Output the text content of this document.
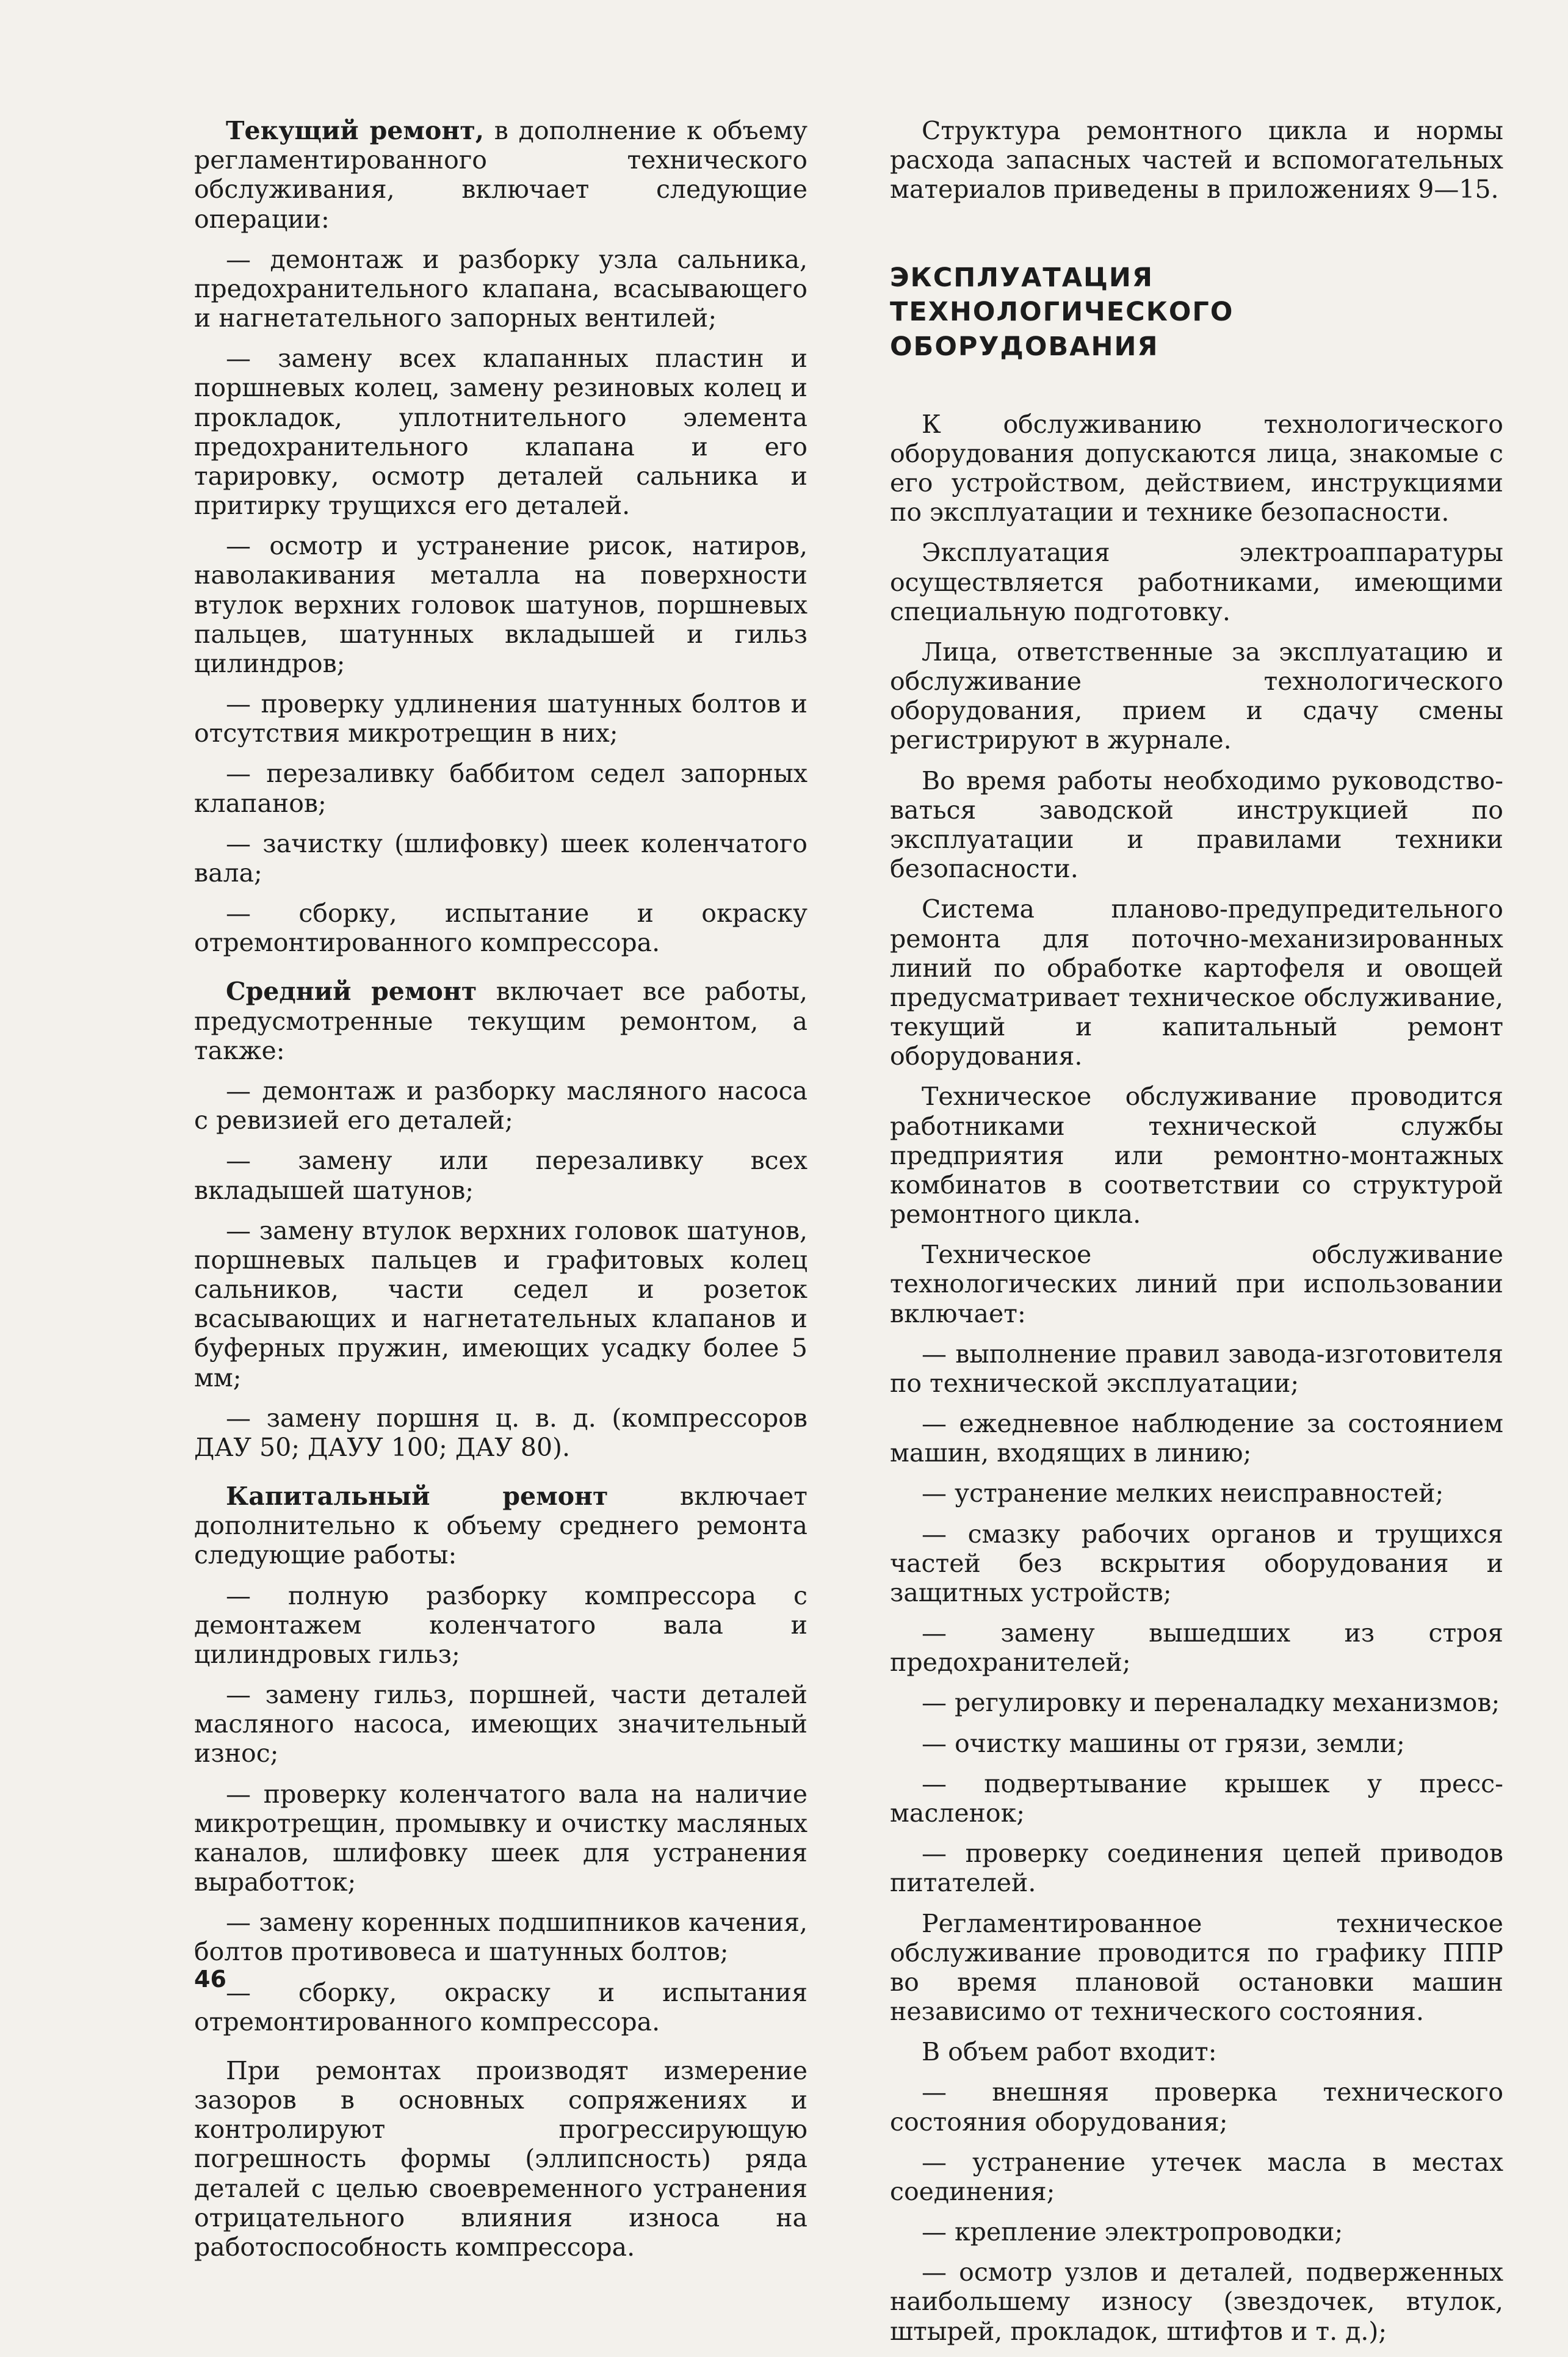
Текущий ремонт, в дополнение к объему регламентированного технического обслуживания, включает следующие операции:

— демонтаж и разборку узла сальника, предохранительного клапана, всасывающего и нагнетательного запорных вентилей;

— замену всех клапанных пластин и поршневых колец, замену резиновых колец и прокладок, уплотнительного элемента предохранительного клапана и его тарировку, осмотр деталей сальника и притирку трущихся его деталей.

— осмотр и устранение рисок, натиров, наволакивания металла на поверхности втулок верхних головок шатунов, поршневых пальцев, шатунных вкладышей и гильз цилиндров;

— проверку удлинения шатунных болтов и отсутствия микротрещин в них;

— перезаливку баббитом седел запорных клапанов;

— зачистку (шлифовку) шеек коленчатого вала;

— сборку, испытание и окраску отремонтированного компрессора.

Средний ремонт включает все работы, предусмотренные текущим ремонтом, а также:

— демонтаж и разборку масляного насоса с ревизией его деталей;

— замену или перезаливку всех вкладышей шатунов;

— замену втулок верхних головок шатунов, поршневых пальцев и графитовых колец сальников, части седел и розеток всасывающих и нагнетательных клапанов и буферных пружин, имеющих усадку более 5 мм;

— замену поршня ц. в. д. (компрессоров ДАУ 50; ДАУУ 100; ДАУ 80).

Капитальный ремонт включает дополнительно к объему среднего ремонта следующие работы:

— полную разборку компрессора с демонтажем коленчатого вала и цилиндровых гильз;

— замену гильз, поршней, части деталей масляного насоса, имеющих значительный износ;

— проверку коленчатого вала на наличие микротрещин, промывку и очистку масляных каналов, шлифовку шеек для устранения выработток;

— замену коренных подшипников качения, болтов противовеса и шатунных болтов;

— сборку, окраску и испытания отремонтированного компрессора.

При ремонтах производят измерение зазоров в основных сопряжениях и контролируют прогрессирующую погрешность формы (эллипсность) ряда деталей с целью своевременного устранения отрицательного влияния износа на работоспособность компрессора.

Структура ремонтного цикла и нормы расхода запасных частей и вспомогательных материалов приведены в приложениях 9—15.

ЭКСПЛУАТАЦИЯ ТЕХНОЛОГИЧЕСКОГО ОБОРУДОВАНИЯ

К обслуживанию технологического оборудования допускаются лица, знакомые с его устройством, действием, инструкциями по эксплуатации и технике безопасности.

Эксплуатация электроаппаратуры осуществляется работниками, имеющими специальную подготовку.

Лица, ответственные за эксплуатацию и обслуживание технологического оборудования, прием и сдачу смены регистрируют в журнале.

Во время работы необходимо руководствоваться заводской инструкцией по эксплуатации и правилами техники безопасности.

Система планово-предупредительного ремонта для поточно-механизированных линий по обработке картофеля и овощей предусматривает техническое обслуживание, текущий и капитальный ремонт оборудования.

Техническое обслуживание проводится работниками технической службы предприятия или ремонтно-монтажных комбинатов в соответствии со структурой ремонтного цикла.

Техническое обслуживание технологических линий при использовании включает:

— выполнение правил завода-изготовителя по технической эксплуатации;

— ежедневное наблюдение за состоянием машин, входящих в линию;

— устранение мелких неисправностей;

— смазку рабочих органов и трущихся частей без вскрытия оборудования и защитных устройств;

— замену вышедших из строя предохранителей;

— регулировку и переналадку механизмов;

— очистку машины от грязи, земли;

— подвертывание крышек у пресс-масленок;

— проверку соединения цепей приводов питателей.

Регламентированное техническое обслуживание проводится по графику ППР во время плановой остановки машин независимо от технического состояния.

В объем работ входит:

— внешняя проверка технического состояния оборудования;

— устранение утечек масла в местах соединения;

— крепление электропроводки;

— осмотр узлов и деталей, подверженных наибольшему износу (звездочек, втулок, штырей, прокладок, штифтов и т. д.);

46
